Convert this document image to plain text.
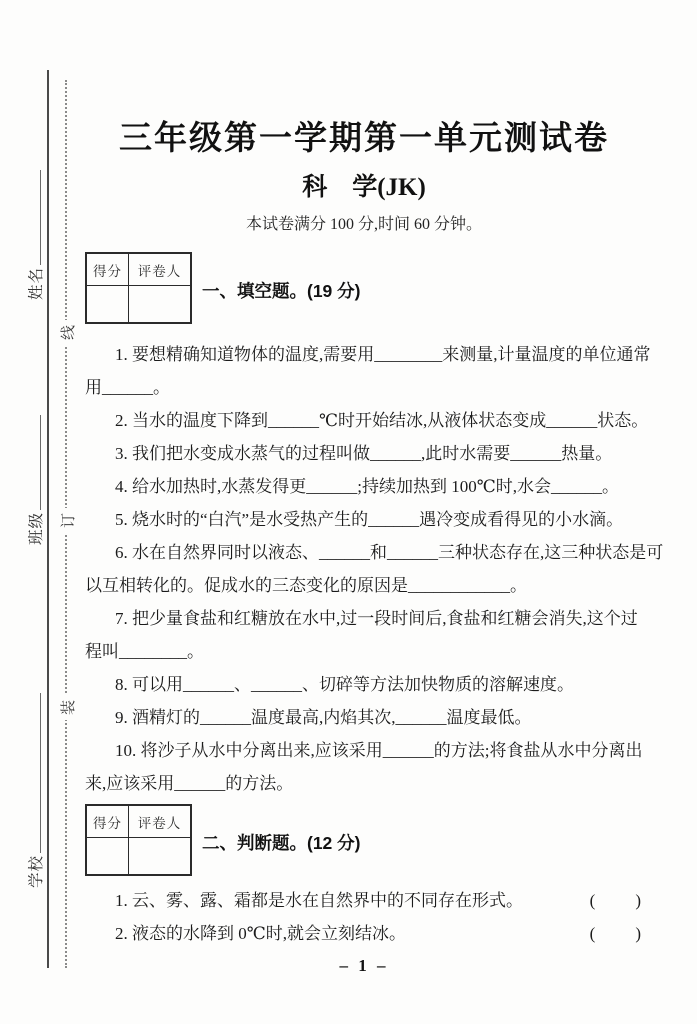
装
订
线
姓名
班级
学校
三年级第一学期第一单元测试卷
科　学(JK)
本试卷满分 100 分,时间 60 分钟。
得分	评卷人
一、填空题。(19 分)
1. 要想精确知道物体的温度,需要用________来测量,计量温度的单位通常
用______。
2. 当水的温度下降到______℃时开始结冰,从液体状态变成______状态。
3. 我们把水变成水蒸气的过程叫做______,此时水需要______热量。
4. 给水加热时,水蒸发得更______;持续加热到 100℃时,水会______。
5. 烧水时的“白汽”是水受热产生的______遇冷变成看得见的小水滴。
6. 水在自然界同时以液态、______和______三种状态存在,这三种状态是可
以互相转化的。促成水的三态变化的原因是____________。
7. 把少量食盐和红糖放在水中,过一段时间后,食盐和红糖会消失,这个过
程叫________。
8. 可以用______、______、切碎等方法加快物质的溶解速度。
9. 酒精灯的______温度最高,内焰其次,______温度最低。
10. 将沙子从水中分离出来,应该采用______的方法;将食盐从水中分离出
来,应该采用______的方法。
得分	评卷人
二、判断题。(12 分)
1. 云、雾、露、霜都是水在自然界中的不同存在形式。	(　　)
2. 液态的水降到 0℃时,就会立刻结冰。	(　　)
– 1 –
